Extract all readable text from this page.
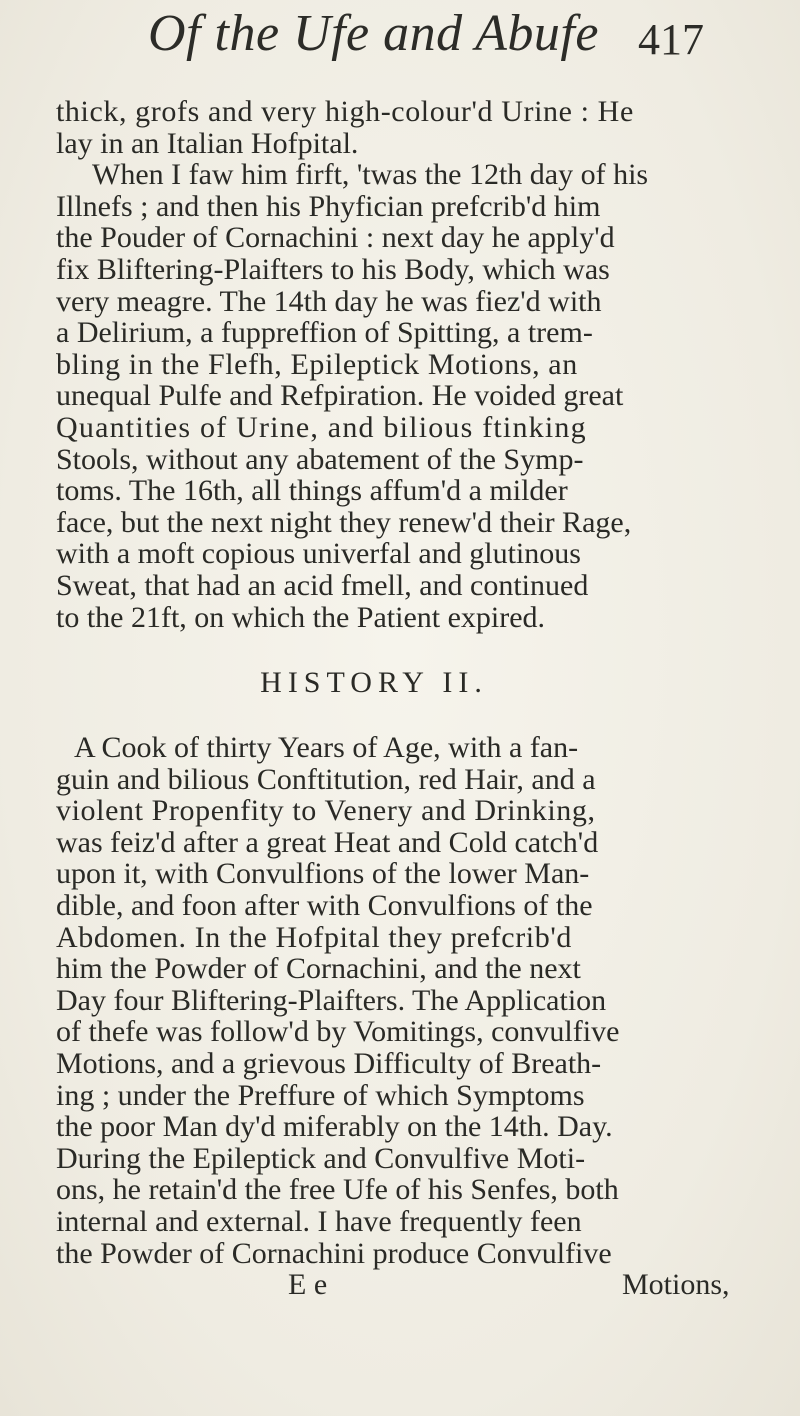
Of the Ufe and Abufe 417
thick, grofs and very high-colour'd Urine : He
lay in an Italian Hofpital.
When I faw him firft, 'twas the 12th day of his
Illnefs ; and then his Phyfician prefcrib'd him
the Pouder of Cornachini : next day he apply'd
fix Bliftering-Plaifters to his Body, which was
very meagre. The 14th day he was fiez'd with
a Delirium, a fuppreffion of Spitting, a trem-
bling in the Flefh, Epileptick Motions, an
unequal Pulfe and Refpiration. He voided great
Quantities of Urine, and bilious ftinking
Stools, without any abatement of the Symp-
toms. The 16th, all things affum'd a milder
face, but the next night they renew'd their Rage,
with a moft copious univerfal and glutinous
Sweat, that had an acid fmell, and continued
to the 21ft, on which the Patient expired.
HISTORY II.
A Cook of thirty Years of Age, with a fan-
guin and bilious Conftitution, red Hair, and a
violent Propenfity to Venery and Drinking,
was feiz'd after a great Heat and Cold catch'd
upon it, with Convulfions of the lower Man-
dible, and foon after with Convulfions of the
Abdomen. In the Hofpital they prefcrib'd
him the Powder of Cornachini, and the next
Day four Bliftering-Plaifters. The Application
of thefe was follow'd by Vomitings, convulfive
Motions, and a grievous Difficulty of Breath-
ing ; under the Preffure of which Symptoms
the poor Man dy'd miferably on the 14th. Day.
During the Epileptick and Convulfive Moti-
ons, he retain'd the free Ufe of his Senfes, both
internal and external. I have frequently feen
the Powder of Cornachini produce Convulfive
E e	Motions,
